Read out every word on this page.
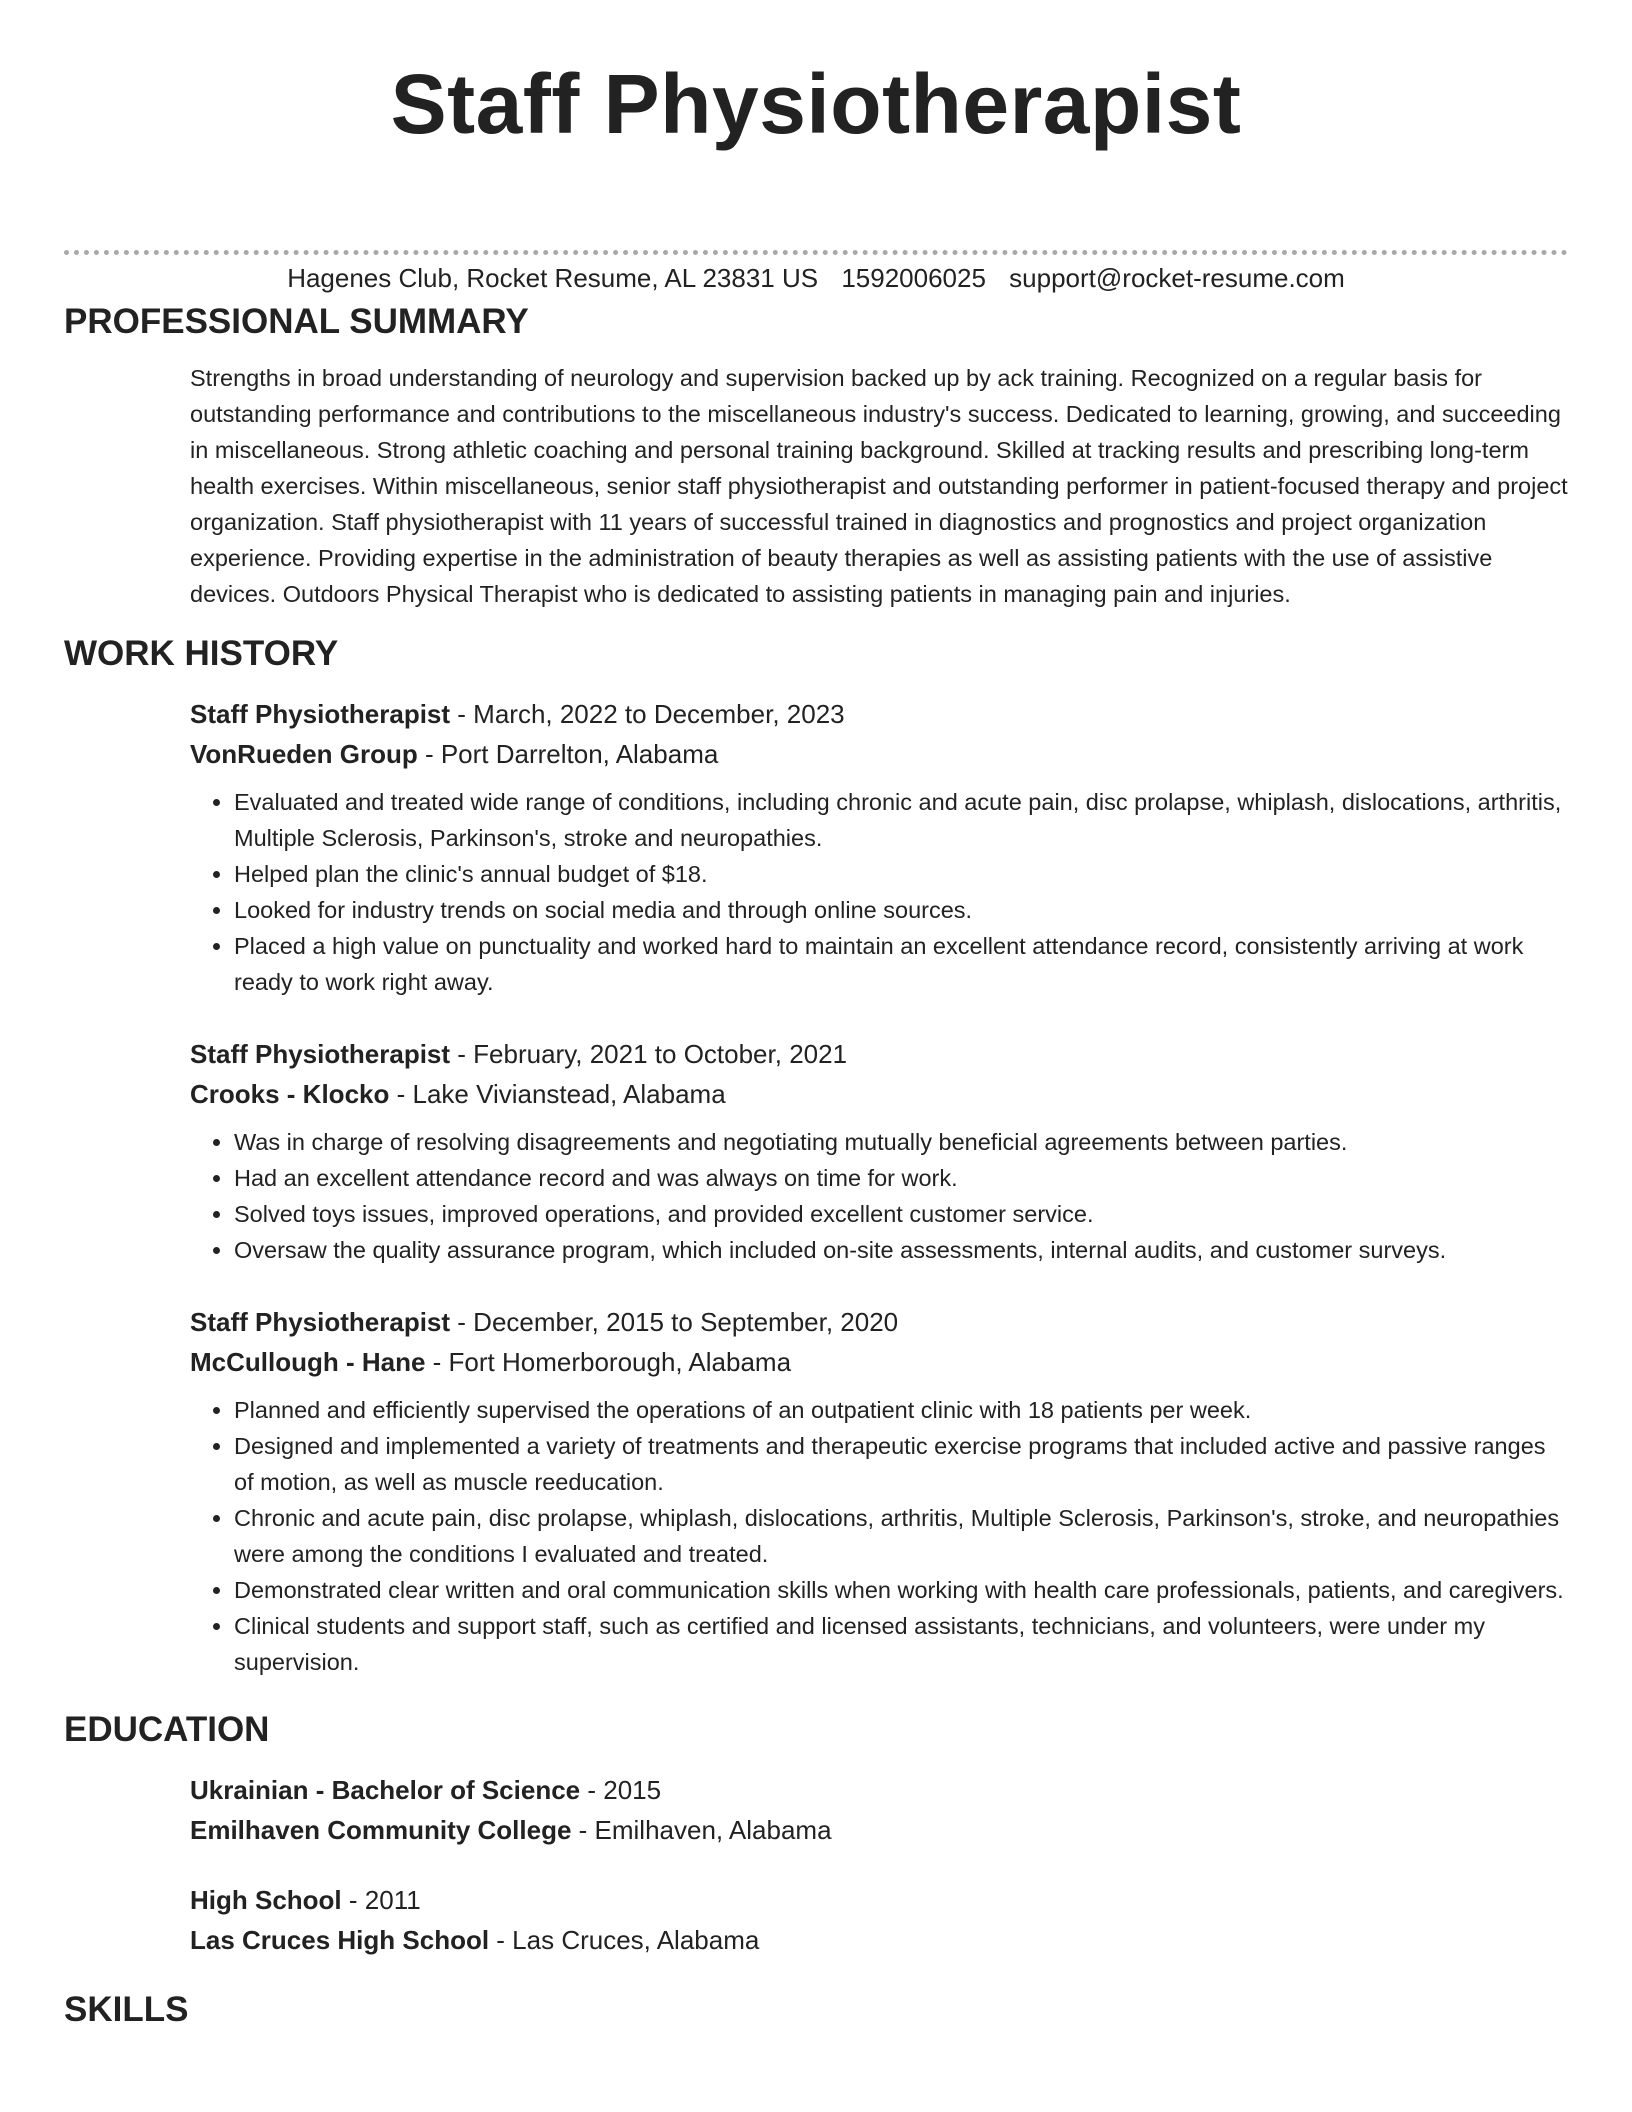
Staff Physiotherapist
Hagenes Club, Rocket Resume, AL 23831 US 1592006025 support@rocket-resume.com
PROFESSIONAL SUMMARY

Strengths in broad understanding of neurology and supervision backed up by ack training. Recognized on a regular basis for outstanding performance and contributions to the miscellaneous industry's success. Dedicated to learning, growing, and succeeding in miscellaneous. Strong athletic coaching and personal training background. Skilled at tracking results and prescribing long-term health exercises. Within miscellaneous, senior staff physiotherapist and outstanding performer in patient-focused therapy and project organization. Staff physiotherapist with 11 years of successful trained in diagnostics and prognostics and project organization experience. Providing expertise in the administration of beauty therapies as well as assisting patients with the use of assistive devices. Outdoors Physical Therapist who is dedicated to assisting patients in managing pain and injuries.

WORK HISTORY
Staff Physiotherapist - March, 2022 to December, 2023
VonRueden Group - Port Darrelton, Alabama
• Evaluated and treated wide range of conditions, including chronic and acute pain, disc prolapse, whiplash, dislocations, arthritis, Multiple Sclerosis, Parkinson's, stroke and neuropathies.
• Helped plan the clinic's annual budget of $18.
• Looked for industry trends on social media and through online sources.
• Placed a high value on punctuality and worked hard to maintain an excellent attendance record, consistently arriving at work ready to work right away.
Staff Physiotherapist - February, 2021 to October, 2021
Crooks - Klocko - Lake Vivianstead, Alabama
• Was in charge of resolving disagreements and negotiating mutually beneficial agreements between parties.
• Had an excellent attendance record and was always on time for work.
• Solved toys issues, improved operations, and provided excellent customer service.
• Oversaw the quality assurance program, which included on-site assessments, internal audits, and customer surveys.
Staff Physiotherapist - December, 2015 to September, 2020
McCullough - Hane - Fort Homerborough, Alabama
• Planned and efficiently supervised the operations of an outpatient clinic with 18 patients per week.
• Designed and implemented a variety of treatments and therapeutic exercise programs that included active and passive ranges of motion, as well as muscle reeducation.
• Chronic and acute pain, disc prolapse, whiplash, dislocations, arthritis, Multiple Sclerosis, Parkinson's, stroke, and neuropathies were among the conditions I evaluated and treated.
• Demonstrated clear written and oral communication skills when working with health care professionals, patients, and caregivers.
• Clinical students and support staff, such as certified and licensed assistants, technicians, and volunteers, were under my supervision.
EDUCATION
Ukrainian - Bachelor of Science - 2015
Emilhaven Community College - Emilhaven, Alabama
High School - 2011
Las Cruces High School - Las Cruces, Alabama
SKILLS
